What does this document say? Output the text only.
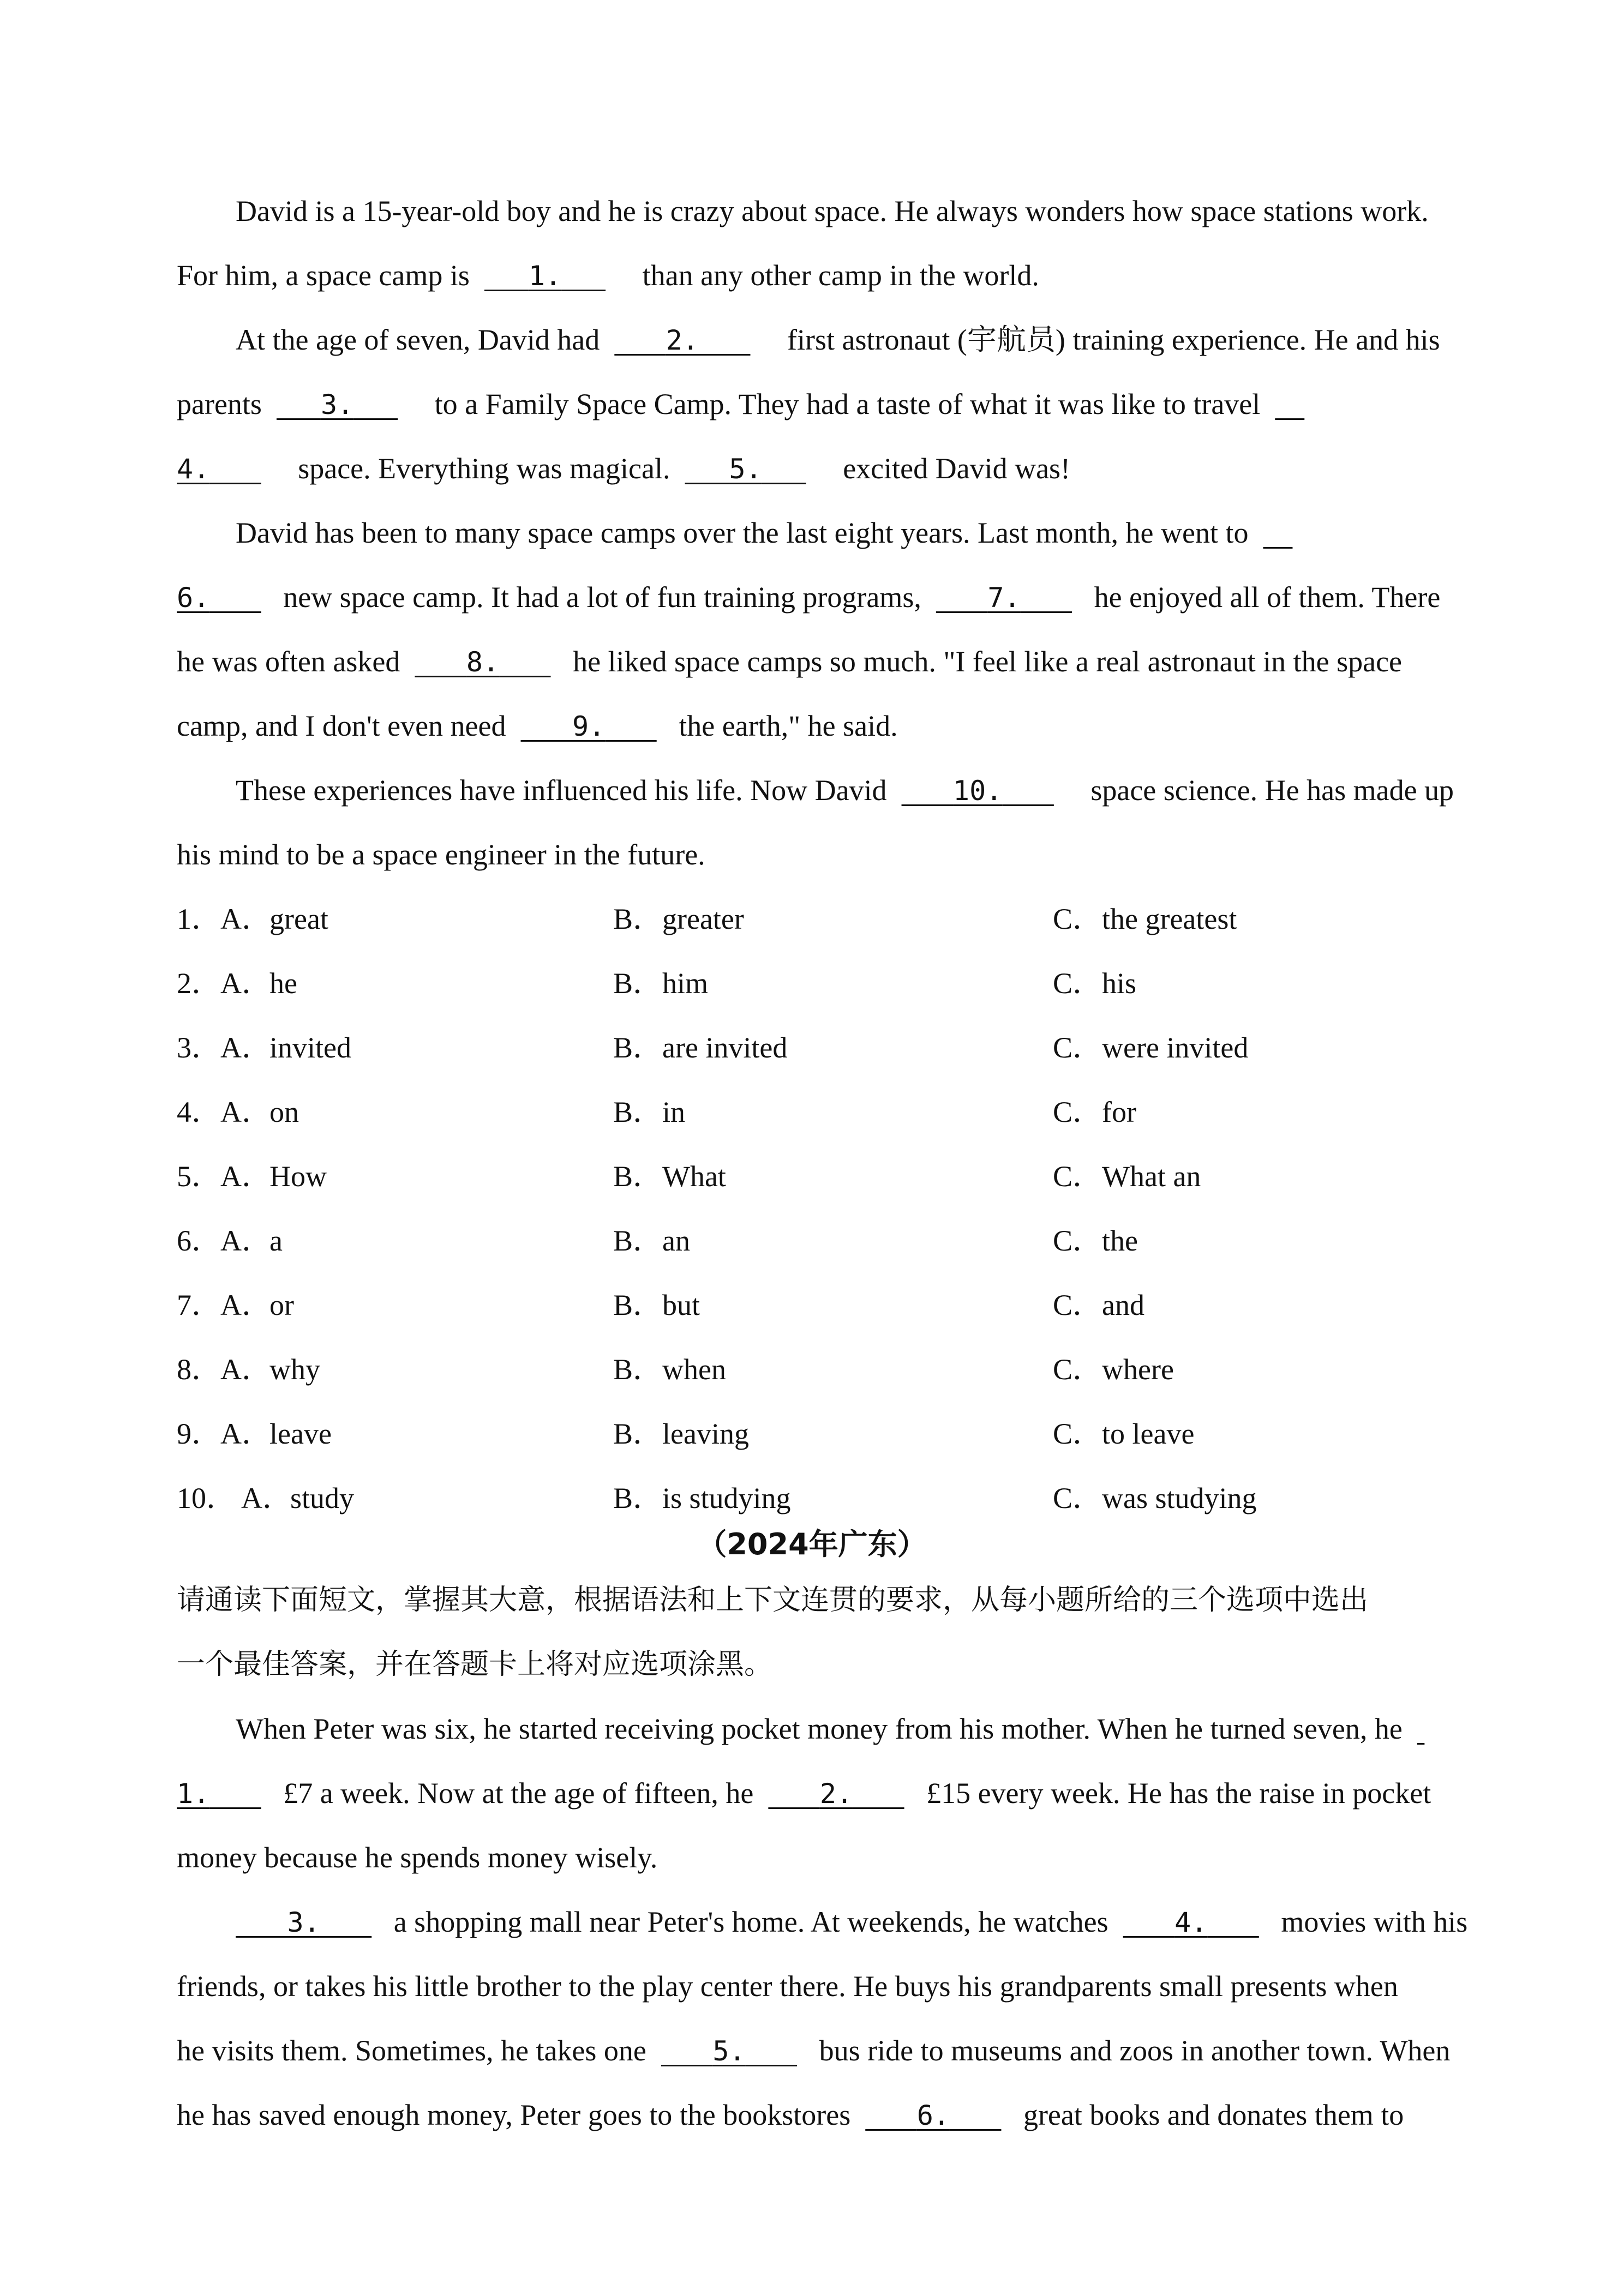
David is a 15-year-old boy and he is crazy about space. He always wonders how space stations work.
For him, a space camp is 1.	than any other camp in the world.
At the age of seven, David had 2.	first astronaut (宇航员) training experience. He and his
parents 3.	to a Family Space Camp. They had a taste of what it was like to travel
4.	space. Everything was magical. 5.	excited David was!
David has been to many space camps over the last eight years. Last month, he went to
6.	new space camp. It had a lot of fun training programs, 7.	he enjoyed all of them. There
he was often asked 8.	he liked space camps so much. "I feel like a real astronaut in the space
camp, and I don't even need 9.	the earth," he said.
These experiences have influenced his life. Now David 10.	space science. He has made up
his mind to be a space engineer in the future.
1． A．great	B．greater	C．the greatest
2． A．he	B．him	C．his
3． A．invited	B．are invited	C．were invited
4． A．on	B．in	C．for
5． A．How	B．What	C．What an
6． A．a	B．an	C．the
7． A．or	B．but	C．and
8． A．why	B．when	C．where
9． A．leave	B．leaving	C．to leave
10． A．study	B．is studying	C．was studying
（2024年广东）
请通读下面短文，掌握其大意，根据语法和上下文连贯的要求，从每小题所给的三个选项中选出
一个最佳答案，并在答题卡上将对应选项涂黑。
When Peter was six, he started receiving pocket money from his mother. When he turned seven, he
1.	£7 a week. Now at the age of fifteen, he 2.	£15 every week. He has the raise in pocket
money because he spends money wisely.
3.	a shopping mall near Peter's home. At weekends, he watches 4.	movies with his
friends, or takes his little brother to the play center there. He buys his grandparents small presents when
he visits them. Sometimes, he takes one 5.	bus ride to museums and zoos in another town. When
he has saved enough money, Peter goes to the bookstores 6.	great books and donates them to
